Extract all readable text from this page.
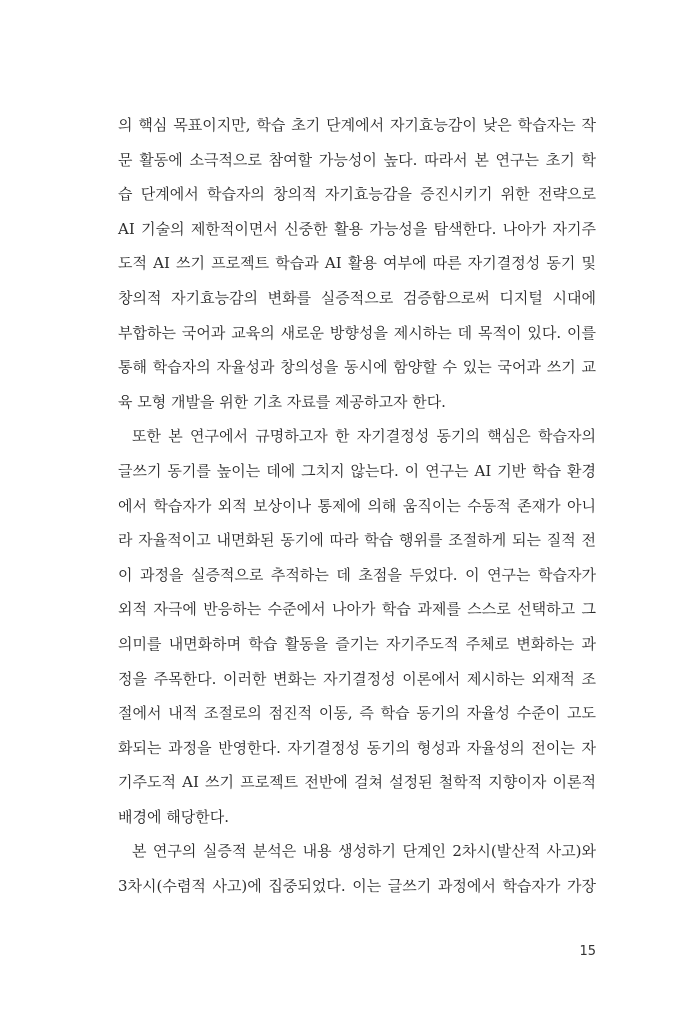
의 핵심 목표이지만, 학습 초기 단계에서 자기효능감이 낮은 학습자는 작
문 활동에 소극적으로 참여할 가능성이 높다. 따라서 본 연구는 초기 학
습 단계에서 학습자의 창의적 자기효능감을 증진시키기 위한 전략으로
AI 기술의 제한적이면서 신중한 활용 가능성을 탐색한다. 나아가 자기주
도적 AI 쓰기 프로젝트 학습과 AI 활용 여부에 따른 자기결정성 동기 및
창의적 자기효능감의 변화를 실증적으로 검증함으로써 디지털 시대에
부합하는 국어과 교육의 새로운 방향성을 제시하는 데 목적이 있다. 이를
통해 학습자의 자율성과 창의성을 동시에 함양할 수 있는 국어과 쓰기 교
육 모형 개발을 위한 기초 자료를 제공하고자 한다.
또한 본 연구에서 규명하고자 한 자기결정성 동기의 핵심은 학습자의
글쓰기 동기를 높이는 데에 그치지 않는다. 이 연구는 AI 기반 학습 환경
에서 학습자가 외적 보상이나 통제에 의해 움직이는 수동적 존재가 아니
라 자율적이고 내면화된 동기에 따라 학습 행위를 조절하게 되는 질적 전
이 과정을 실증적으로 추적하는 데 초점을 두었다. 이 연구는 학습자가
외적 자극에 반응하는 수준에서 나아가 학습 과제를 스스로 선택하고 그
의미를 내면화하며 학습 활동을 즐기는 자기주도적 주체로 변화하는 과
정을 주목한다. 이러한 변화는 자기결정성 이론에서 제시하는 외재적 조
절에서 내적 조절로의 점진적 이동, 즉 학습 동기의 자율성 수준이 고도
화되는 과정을 반영한다. 자기결정성 동기의 형성과 자율성의 전이는 자
기주도적 AI 쓰기 프로젝트 전반에 걸쳐 설정된 철학적 지향이자 이론적
배경에 해당한다.
본 연구의 실증적 분석은 내용 생성하기 단계인 2차시(발산적 사고)와
3차시(수렴적 사고)에 집중되었다. 이는 글쓰기 과정에서 학습자가 가장
15
